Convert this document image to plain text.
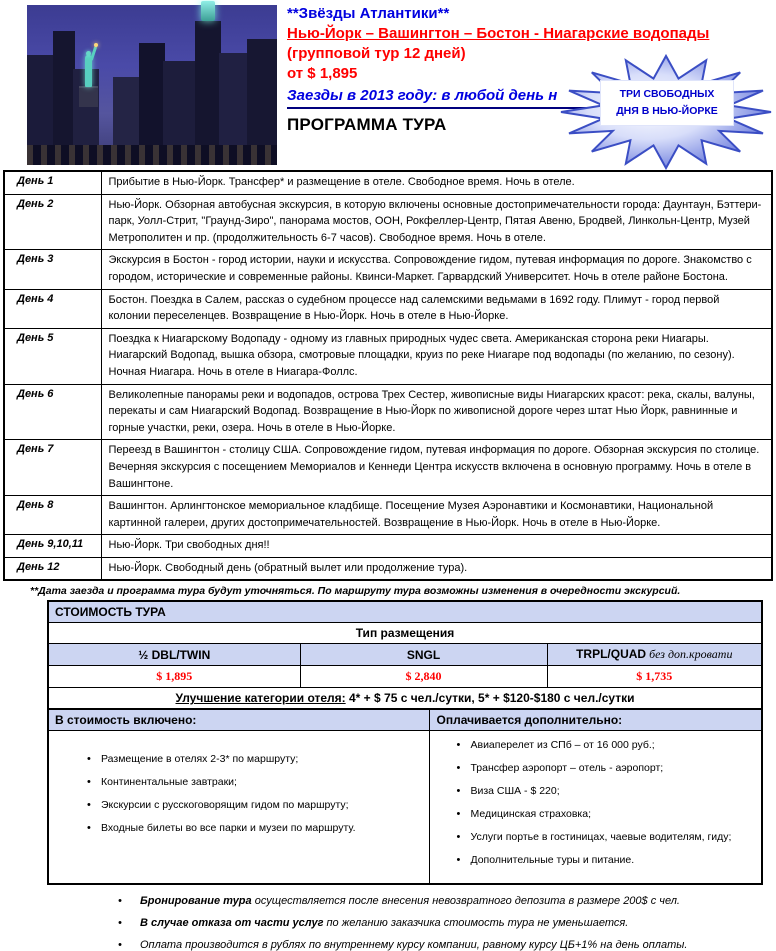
**Звёзды Атлантики**
Нью-Йорк – Вашингтон – Бостон - Ниагарские водопады
(групповой тур 12 дней)
от $ 1,895
Заезды в 2013 году: в любой день н
ПРОГРАММА ТУРА
ТРИ СВОБОДНЫХ
ДНЯ В НЬЮ-ЙОРКЕ
День 1	Прибытие в Нью-Йорк. Трансфер* и размещение в отеле. Свободное время. Ночь в отеле.
День 2	Нью-Йорк. Обзорная автобусная экскурсия, в которую включены основные достопримечательности города: Даунтаун, Бэттери-парк, Уолл-Стрит, "Граунд-Зиро", панорама мостов, ООН, Рокфеллер-Центр, Пятая Авеню, Бродвей, Линкольн-Центр, Музей Метрополитен и пр. (продолжительность 6-7 часов). Свободное время. Ночь в отеле.
День 3	Экскурсия в Бостон - город истории, науки и искусства. Сопровождение гидом, путевая информация по дороге. Знакомство с городом, исторические и современные районы. Квинси-Маркет. Гарвардский Университет. Ночь в отеле районе Бостона.
День 4	Бостон. Поездка в Салем, рассказ о судебном процессе над салемскими ведьмами в 1692 году. Плимут - город первой колонии переселенцев. Возвращение в Нью-Йорк. Ночь в отеле в Нью-Йорке.
День 5	Поездка к Ниагарскому Водопаду - одному из главных природных чудес света. Американская сторона реки Ниагары. Ниагарский Водопад, вышка обзора, смотровые площадки, круиз по реке Ниагаре под водопады (по желанию, по сезону). Ночная Ниагара. Ночь в отеле в Ниагара-Фоллс.
День 6	Великолепные панорамы реки и водопадов, острова Трех Сестер, живописные виды Ниагарских красот: река, скалы, валуны, перекаты и сам Ниагарский Водопад. Возвращение в Нью-Йорк по живописной дороге через штат Нью Йорк, равнинные и горные участки, реки, озера. Ночь в отеле в Нью-Йорке.
День 7	Переезд в Вашингтон - столицу США. Сопровождение гидом, путевая информация по дороге. Обзорная экскурсия по столице. Вечерняя экскурсия с посещением Мемориалов и Кеннеди Центра искусств включена в основную программу. Ночь в отеле в Вашингтоне.
День 8	Вашингтон. Арлингтонское мемориальное кладбище. Посещение Музея Аэронавтики и Космонавтики, Национальной картинной галереи, других достопримечательностей. Возвращение в Нью-Йорк. Ночь в отеле в Нью-Йорке.
День 9,10,11	Нью-Йорк. Три свободных дня!!
День 12	Нью-Йорк. Свободный день (обратный вылет или продолжение тура).
**Дата заезда и программа тура будут уточняться. По маршруту тура возможны изменения в очередности экскурсий.
СТОИМОСТЬ ТУРА		
Тип размещения		
½ DBL/TWIN	SNGL	TRPL/QUAD без доп.кровати
$ 1,895	$ 2,840	$ 1,735
Улучшение категории отеля: 4* + $ 75 с чел./сутки, 5* + $120-$180 с чел./сутки		
В стоимость включено:	Оплачивается дополнительно:

• Размещение в отелях 2-3* по маршруту;
• Континентальные завтраки;
• Экскурсии с русскоговорящим гидом по маршруту;
• Входные билеты во все парки и музеи по маршруту.

• Авиаперелет из СПб – от 16 000 руб.;
• Трансфер аэропорт – отель - аэропорт;
• Виза США - $ 220;
• Медицинская страховка;
• Услуги портье в гостиницах, чаевые водителям, гиду;
• Дополнительные туры и питание.
• Бронирование тура осуществляется после внесения невозвратного депозита в размере 200$ с чел.
• В случае отказа от части услуг по желанию заказчика стоимость тура не уменьшается.
• Оплата производится в рублях по внутреннему курсу компании, равному курсу ЦБ+1% на день оплаты.
